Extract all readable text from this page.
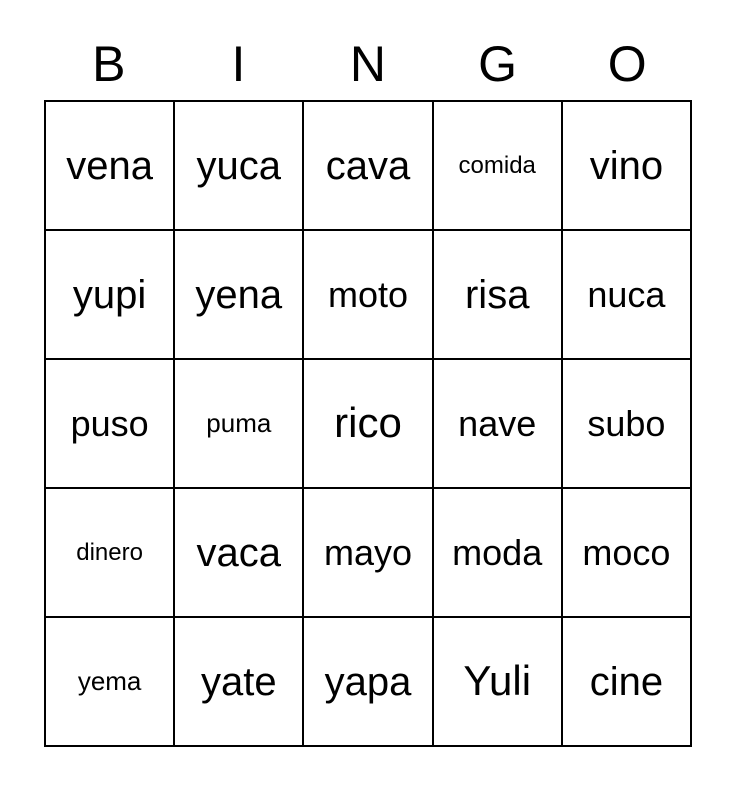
B	I	N	G	O
vena yuca cava comida vino
yupi yena moto risa nuca
puso puma rico nave subo
dinero vaca mayo moda moco
yema yate yapa Yuli cine
